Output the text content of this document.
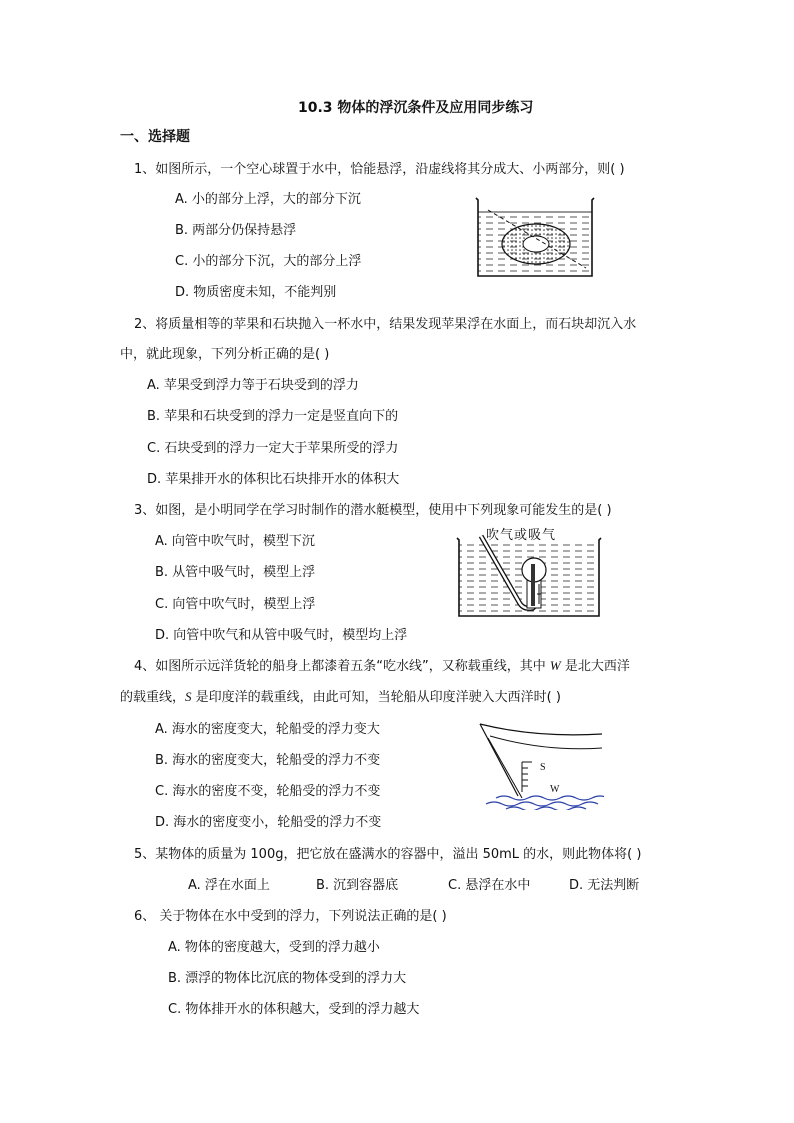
10.3 物体的浮沉条件及应用同步练习
一、选择题
1、如图所示，一个空心球置于水中，恰能悬浮，沿虚线将其分成大、小两部分，则( )
A. 小的部分上浮，大的部分下沉
B. 两部分仍保持悬浮
C. 小的部分下沉，大的部分上浮
D. 物质密度未知，不能判别
2、将质量相等的苹果和石块抛入一杯水中，结果发现苹果浮在水面上，而石块却沉入水
中，就此现象，下列分析正确的是( )
A. 苹果受到浮力等于石块受到的浮力
B. 苹果和石块受到的浮力一定是竖直向下的
C. 石块受到的浮力一定大于苹果所受的浮力
D. 苹果排开水的体积比石块排开水的体积大
3、如图，是小明同学在学习时制作的潜水艇模型，使用中下列现象可能发生的是( )
A. 向管中吹气时，模型下沉
B. 从管中吸气时，模型上浮
C. 向管中吹气时，模型上浮
D. 向管中吹气和从管中吸气时，模型均上浮
吹气或吸气
4、如图所示远洋货轮的船身上都漆着五条“吃水线”，又称载重线，其中 W 是北大西洋
的载重线，S 是印度洋的载重线，由此可知，当轮船从印度洋驶入大西洋时( )
A. 海水的密度变大，轮船受的浮力变大
B. 海水的密度变大，轮船受的浮力不变
C. 海水的密度不变，轮船受的浮力不变
D. 海水的密度变小，轮船受的浮力不变
S
W
5、某物体的质量为 100g，把它放在盛满水的容器中，溢出 50mL 的水，则此物体将( )
A. 浮在水面上	B. 沉到容器底	C. 悬浮在水中	D. 无法判断
6、 关于物体在水中受到的浮力，下列说法正确的是( )
A. 物体的密度越大，受到的浮力越小
B. 漂浮的物体比沉底的物体受到的浮力大
C. 物体排开水的体积越大，受到的浮力越大
